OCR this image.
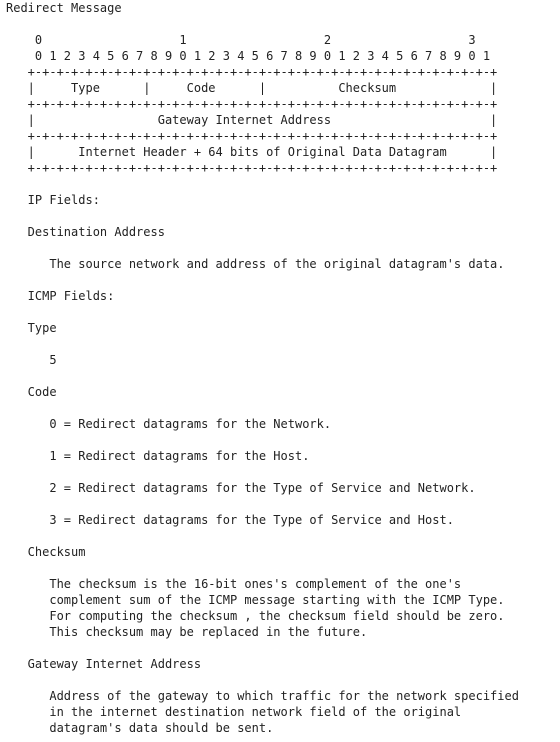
Redirect Message
0                   1                   2                   3
0 1 2 3 4 5 6 7 8 9 0 1 2 3 4 5 6 7 8 9 0 1 2 3 4 5 6 7 8 9 0 1
+-+-+-+-+-+-+-+-+-+-+-+-+-+-+-+-+-+-+-+-+-+-+-+-+-+-+-+-+-+-+-+-+
|     Type      |     Code      |          Checksum             |
+-+-+-+-+-+-+-+-+-+-+-+-+-+-+-+-+-+-+-+-+-+-+-+-+-+-+-+-+-+-+-+-+
|                 Gateway Internet Address                      |
+-+-+-+-+-+-+-+-+-+-+-+-+-+-+-+-+-+-+-+-+-+-+-+-+-+-+-+-+-+-+-+-+
|      Internet Header + 64 bits of Original Data Datagram      |
+-+-+-+-+-+-+-+-+-+-+-+-+-+-+-+-+-+-+-+-+-+-+-+-+-+-+-+-+-+-+-+-+
IP Fields:
Destination Address
The source network and address of the original datagram's data.
ICMP Fields:
Type
5
Code
0 = Redirect datagrams for the Network.
1 = Redirect datagrams for the Host.
2 = Redirect datagrams for the Type of Service and Network.
3 = Redirect datagrams for the Type of Service and Host.
Checksum
The checksum is the 16-bit ones's complement of the one's
complement sum of the ICMP message starting with the ICMP Type.
For computing the checksum , the checksum field should be zero.
This checksum may be replaced in the future.
Gateway Internet Address
Address of the gateway to which traffic for the network specified
in the internet destination network field of the original
datagram's data should be sent.
